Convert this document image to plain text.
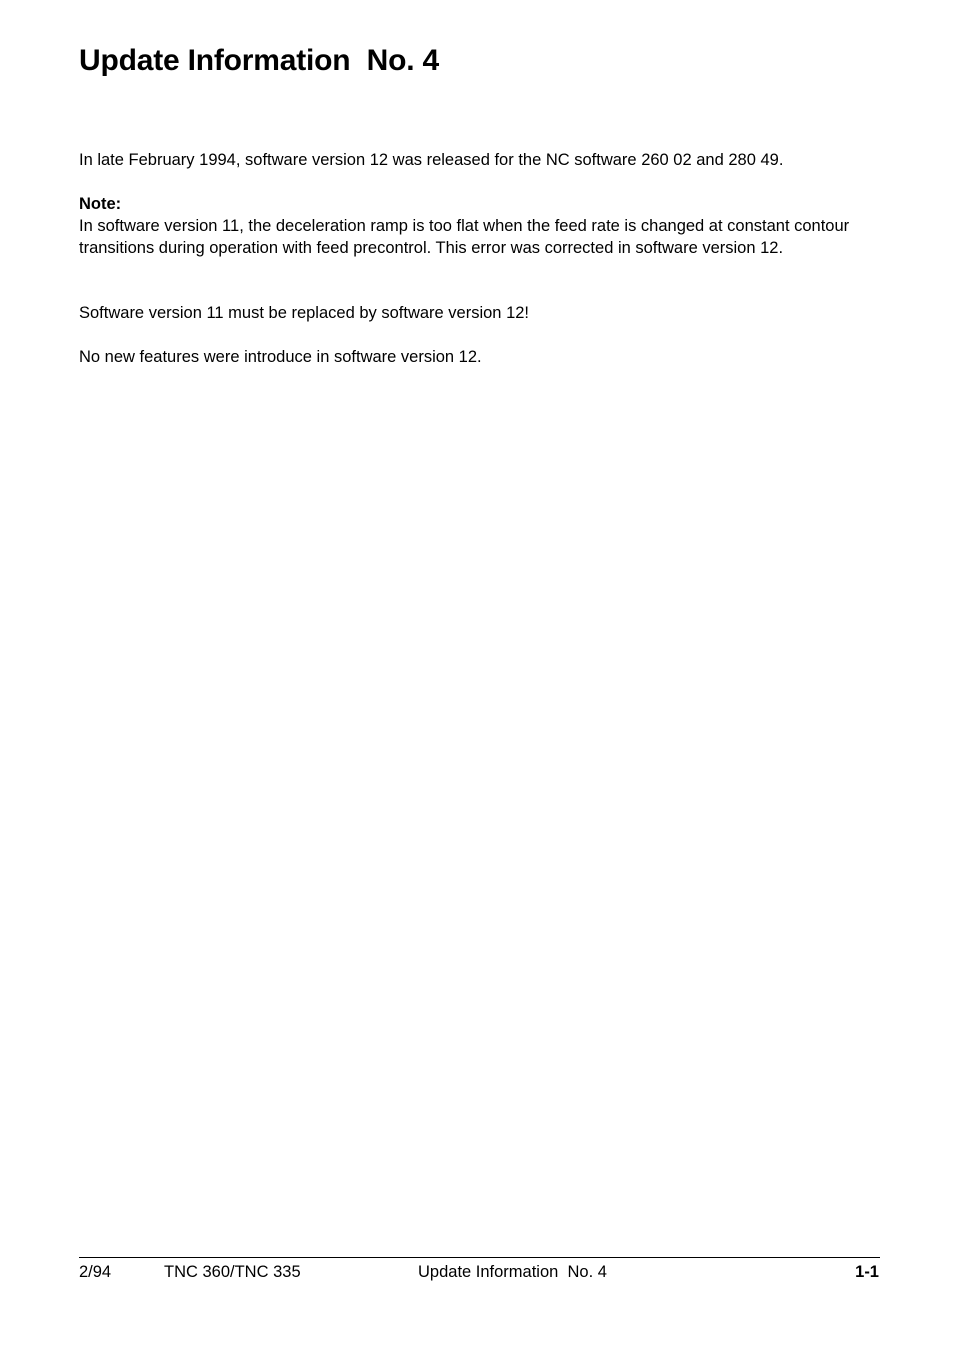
Update Information  No. 4

In late February 1994, software version 12 was released for the NC software 260 02 and 280 49.

Note:

In software version 11, the deceleration ramp is too flat when the feed rate is changed at constant contour transitions during operation with feed precontrol. This error was corrected in software version 12.

Software version 11 must be replaced by software version 12!

No new features were introduce in software version 12.

2/94	TNC 360/TNC 335	Update Information  No. 4	1-1
